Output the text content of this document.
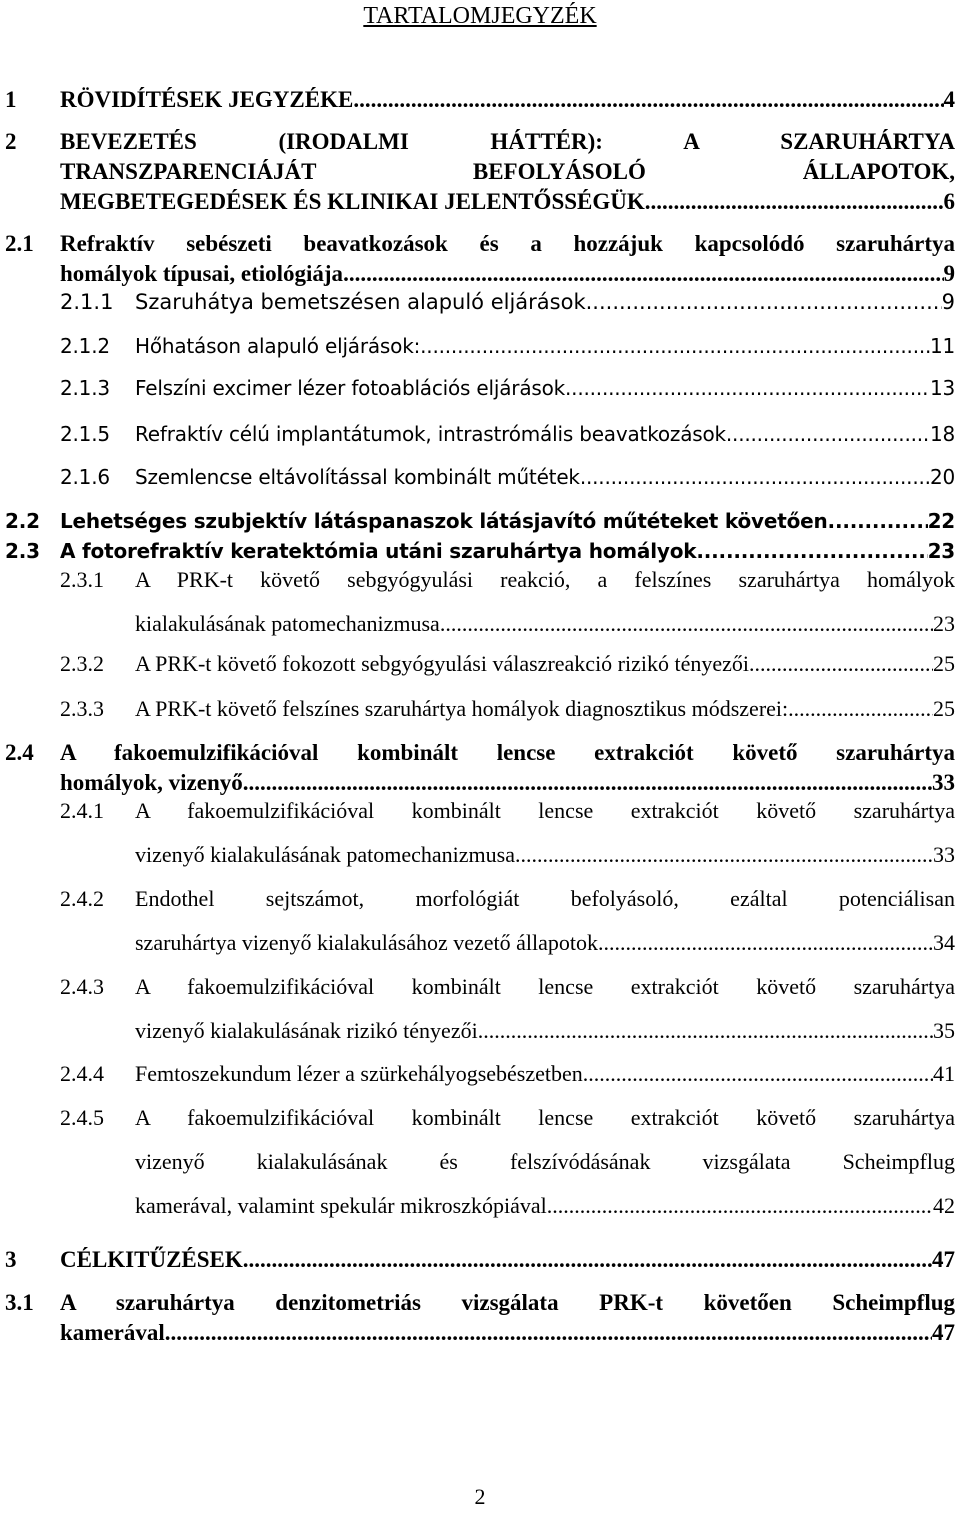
TARTALOMJEGYZÉK
1 RÖVIDÍTÉSEK JEGYZÉKE .....	4
2 BEVEZETÉS (IRODALMI HÁTTÉR): A SZARUHÁRTYA
TRANSZPARENCIÁJÁT BEFOLYÁSOLÓ ÁLLAPOTOK,
MEGBETEGEDÉSEK ÉS KLINIKAI JELENTŐSSÉGÜK .....	6
2.1 Refraktív sebészeti beavatkozások és a hozzájuk kapcsolódó szaruhártya
homályok típusai, etiológiája .....	9
2.1.1 Szaruhátya bemetszésen alapuló eljárások .....	9
2.1.2 Hőhatáson alapuló eljárások: .....	11
2.1.3 Felszíni excimer lézer fotoablációs eljárások .....	13
2.1.5 Refraktív célú implantátumok, intrastrómális beavatkozások .....	18
2.1.6 Szemlencse eltávolítással kombinált műtétek .....	20
2.2 Lehetséges szubjektív látáspanaszok látásjavító műtéteket követően .....	22
2.3 A fotorefraktív keratektómia utáni szaruhártya homályok .....	23
2.3.1 A PRK-t követő sebgyógyulási reakció, a felszínes szaruhártya homályok
kialakulásának patomechanizmusa .....	23
2.3.2 A PRK-t követő fokozott sebgyógyulási válaszreakció rizikó tényezői .....	25
2.3.3 A PRK-t követő felszínes szaruhártya homályok diagnosztikus módszerei: .....	25
2.4 A fakoemulzifikációval kombinált lencse extrakciót követő szaruhártya
homályok, vizenyő .....	33
2.4.1 A fakoemulzifikációval kombinált lencse extrakciót követő szaruhártya
vizenyő kialakulásának patomechanizmusa .....	33
2.4.2 Endothel sejtszámot, morfológiát befolyásoló, ezáltal potenciálisan
szaruhártya vizenyő kialakulásához vezető állapotok .....	34
2.4.3 A fakoemulzifikációval kombinált lencse extrakciót követő szaruhártya
vizenyő kialakulásának rizikó tényezői .....	35
2.4.4 Femtoszekundum lézer a szürkehályogsebészetben .....	41
2.4.5 A fakoemulzifikációval kombinált lencse extrakciót követő szaruhártya
vizenyő kialakulásának és felszívódásának vizsgálata Scheimpflug
kamerával, valamint spekulár mikroszkópiával .....	42
3 CÉLKITŰZÉSEK .....	47
3.1 A szaruhártya denzitometriás vizsgálata PRK-t követően Scheimpflug
kamerával .....	47
2
